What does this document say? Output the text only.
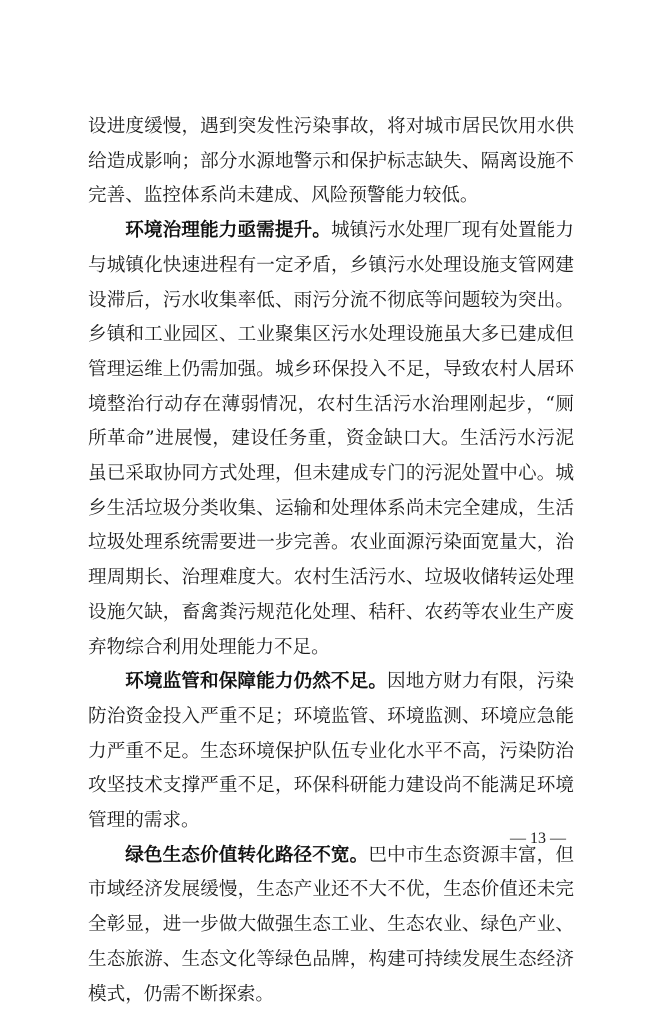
设进度缓慢，遇到突发性污染事故，将对城市居民饮用水供给造成影响；部分水源地警示和保护标志缺失、隔离设施不完善、监控体系尚未建成、风险预警能力较低。

环境治理能力亟需提升。城镇污水处理厂现有处置能力与城镇化快速进程有一定矛盾，乡镇污水处理设施支管网建设滞后，污水收集率低、雨污分流不彻底等问题较为突出。乡镇和工业园区、工业聚集区污水处理设施虽大多已建成但管理运维上仍需加强。城乡环保投入不足，导致农村人居环境整治行动存在薄弱情况，农村生活污水治理刚起步，“厕所革命”进展慢，建设任务重，资金缺口大。生活污水污泥虽已采取协同方式处理，但未建成专门的污泥处置中心。城乡生活垃圾分类收集、运输和处理体系尚未完全建成，生活垃圾处理系统需要进一步完善。农业面源污染面宽量大，治理周期长、治理难度大。农村生活污水、垃圾收储转运处理设施欠缺，畜禽粪污规范化处理、秸秆、农药等农业生产废弃物综合利用处理能力不足。

环境监管和保障能力仍然不足。因地方财力有限，污染防治资金投入严重不足；环境监管、环境监测、环境应急能力严重不足。生态环境保护队伍专业化水平不高，污染防治攻坚技术支撑严重不足，环保科研能力建设尚不能满足环境管理的需求。

绿色生态价值转化路径不宽。巴中市生态资源丰富，但市域经济发展缓慢，生态产业还不大不优，生态价值还未完全彰显，进一步做大做强生态工业、生态农业、绿色产业、生态旅游、生态文化等绿色品牌，构建可持续发展生态经济模式，仍需不断探索。

— 13 —
